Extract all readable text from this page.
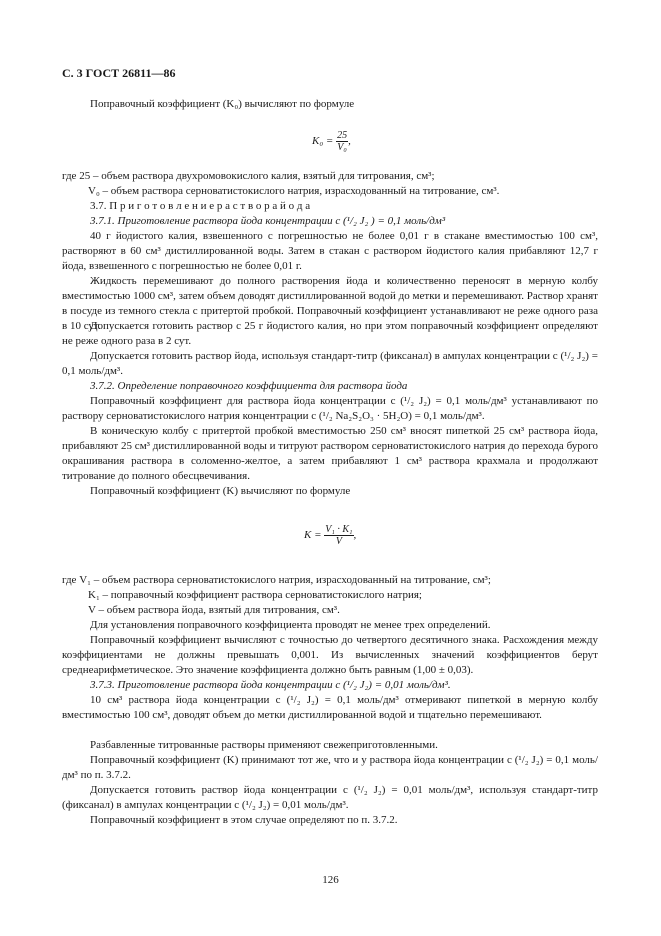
С. 3 ГОСТ 26811—86

Поправочный коэффициент (K₀) вычисляют по формуле

$K_0 = \frac{25}{\text{V₀}}$ ,
где 25 – объем раствора двухромовокислого калия, взятый для титрования, см³;
V₀ – объем раствора серноватистокислого натрия, израсходованный на титрование, см³.
3.7. П р и г о т о в л е н и е р а с т в о р а й о д а
3.7.1. Приготовление раствора йода концентрации c (¹/₂ J₂ ) = 0,1 моль/дм³

40 г йодистого калия, взвешенного с погрешностью не более 0,01 г в стакане вместимостью 100 см³, растворяют в 60 см³ дистиллированной воды. Затем в стакан с раствором йодистого калия прибавляют 12,7 г йода, взвешенного с погрешностью не более 0,01 г.

Жидкость перемешивают до полного растворения йода и количественно переносят в мерную колбу вместимостью 1000 см³, затем объем доводят дистиллированной водой до метки и перемешивают. Раствор хранят в посуде из темного стекла с притертой пробкой. Поправочный коэффициент устанавливают не реже одного раза в 10 сут.

Допускается готовить раствор с 25 г йодистого калия, но при этом поправочный коэффициент определяют не реже одного раза в 2 сут.

Допускается готовить раствор йода, используя стандарт-титр (фиксанал) в ампулах концентрации c (¹/₂ J₂) = 0,1 моль/дм³.

3.7.2. Определение поправочного коэффициента для раствора йода

Поправочный коэффициент для раствора йода концентрации c (¹/₂ J₂) = 0,1 моль/дм³ устанавливают по раствору серноватистокислого натрия концентрации c (¹/₂ Na₂S₂O₃ · 5H₂O) = 0,1 моль/дм³.

В коническую колбу с притертой пробкой вместимостью 250 см³ вносят пипеткой 25 см³ раствора йода, прибавляют 25 см³ дистиллированной воды и титруют раствором серноватистокислого натрия до перехода бурого окрашивания раствора в соломенно-желтое, а затем прибавляют 1 см³ раствора крахмала и продолжают титрование до полного обесцвечивания.

Поправочный коэффициент (K) вычисляют по формуле

$K = \frac{\text{V₁ · K₁}}{V}$ ,
где V₁ – объем раствора серноватистокислого натрия, израсходованный на титрование, см³;
K₁ – поправочный коэффициент раствора серноватистокислого натрия;
V – объем раствора йода, взятый для титрования, см³.

Для установления поправочного коэффициента проводят не менее трех определений.

Поправочный коэффициент вычисляют с точностью до четвертого десятичного знака. Расхождения между коэффициентами не должны превышать 0,001. Из вычисленных значений коэффициентов берут среднеарифметическое. Это значение коэффициента должно быть равным (1,00 ± 0,03).

3.7.3. Приготовление раствора йода концентрации c (¹/₂ J₂) = 0,01 моль/дм³.

10 см³ раствора йода концентрации c (¹/₂ J₂) = 0,1 моль/дм³ отмеривают пипеткой в мерную колбу вместимостью 100 см³, доводят объем до метки дистиллированной водой и тщательно перемешивают.

Разбавленные титрованные растворы применяют свежеприготовленными.

Поправочный коэффициент (K) принимают тот же, что и у раствора йода концентрации c (¹/₂ J₂) = 0,1 моль/дм³ по п. 3.7.2.

Допускается готовить раствор йода концентрации c (¹/₂ J₂) = 0,01 моль/дм³, используя стандарт-титр (фиксанал) в ампулах концентрации c (¹/₂ J₂) = 0,01 моль/дм³.

Поправочный коэффициент в этом случае определяют по п. 3.7.2.

126
